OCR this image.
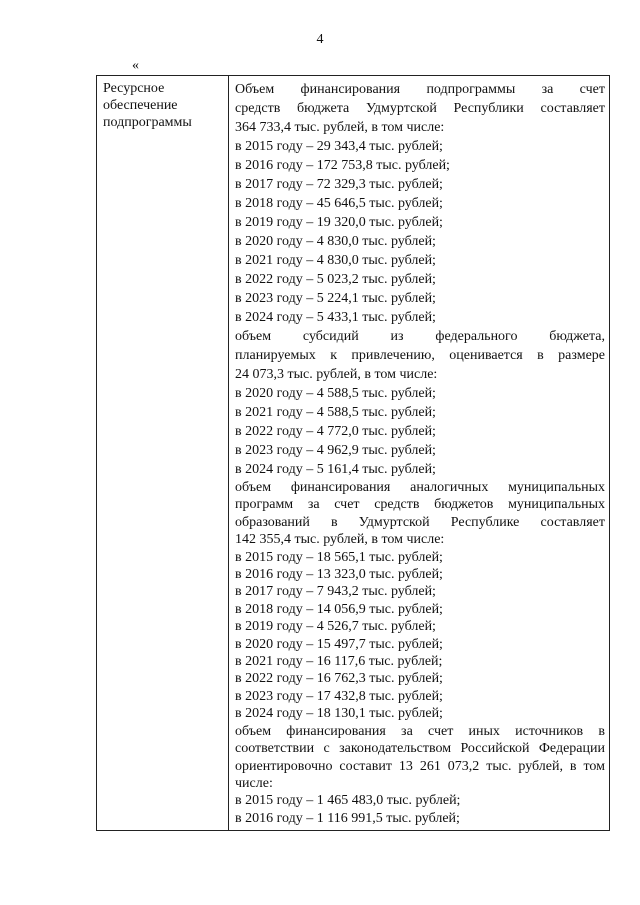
4
«
Ресурсное
обеспечение
подпрограммы
Объем финансирования подпрограммы за счет
средств бюджета Удмуртской Республики составляет
364 733,4 тыс. рублей, в том числе:
в 2015 году – 29 343,4 тыс. рублей;
в 2016 году – 172 753,8 тыс. рублей;
в 2017 году – 72 329,3 тыс. рублей;
в 2018 году – 45 646,5 тыс. рублей;
в 2019 году – 19 320,0 тыс. рублей;
в 2020 году – 4 830,0 тыс. рублей;
в 2021 году – 4 830,0 тыс. рублей;
в 2022 году – 5 023,2 тыс. рублей;
в 2023 году – 5 224,1 тыс. рублей;
в 2024 году – 5 433,1 тыс. рублей;
объем субсидий из федерального бюджета,
планируемых к привлечению, оценивается в размере
24 073,3 тыс. рублей, в том числе:
в 2020 году – 4 588,5 тыс. рублей;
в 2021 году – 4 588,5 тыс. рублей;
в 2022 году – 4 772,0 тыс. рублей;
в 2023 году – 4 962,9 тыс. рублей;
в 2024 году – 5 161,4 тыс. рублей;
объем финансирования аналогичных муниципальных
программ за счет средств бюджетов муниципальных
образований в Удмуртской Республике составляет
142 355,4 тыс. рублей, в том числе:
в 2015 году – 18 565,1 тыс. рублей;
в 2016 году – 13 323,0 тыс. рублей;
в 2017 году – 7 943,2 тыс. рублей;
в 2018 году – 14 056,9 тыс. рублей;
в 2019 году – 4 526,7 тыс. рублей;
в 2020 году – 15 497,7 тыс. рублей;
в 2021 году – 16 117,6 тыс. рублей;
в 2022 году – 16 762,3 тыс. рублей;
в 2023 году – 17 432,8 тыс. рублей;
в 2024 году – 18 130,1 тыс. рублей;
объем финансирования за счет иных источников в
соответствии с законодательством Российской Федерации
ориентировочно составит 13 261 073,2 тыс. рублей, в том
числе:
в 2015 году – 1 465 483,0 тыс. рублей;
в 2016 году – 1 116 991,5 тыс. рублей;
